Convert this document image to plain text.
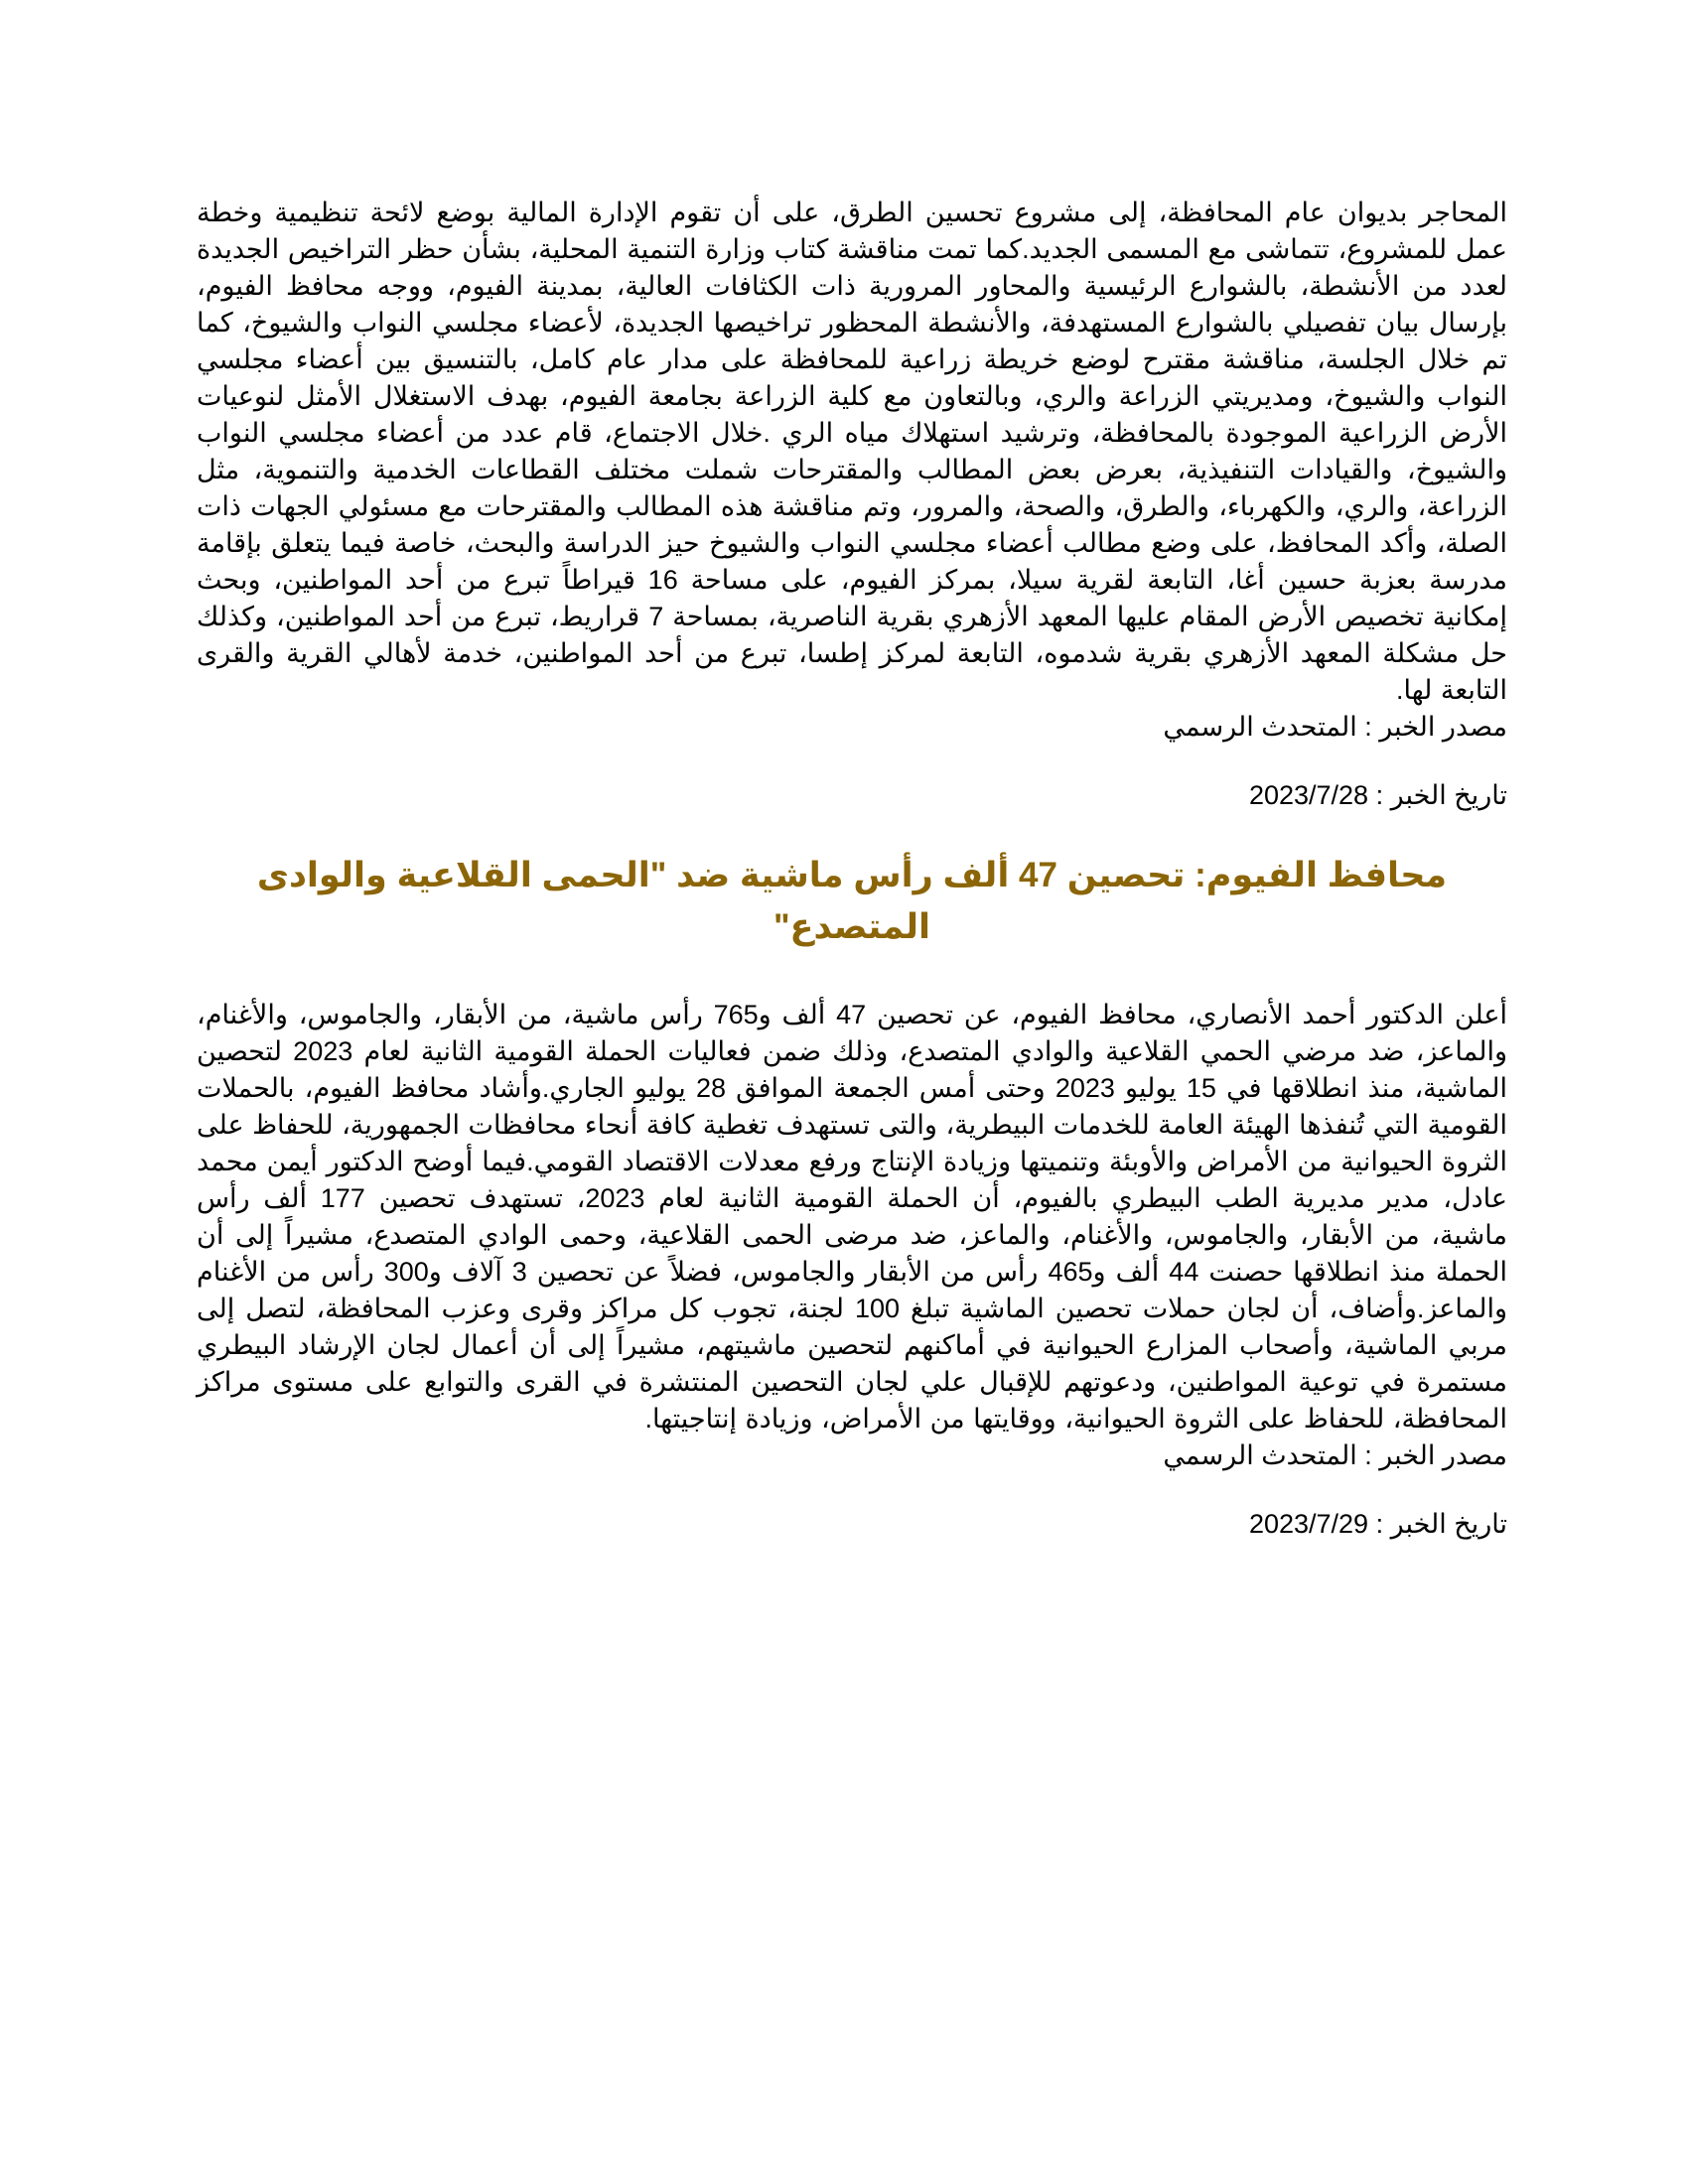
المحاجر بديوان عام المحافظة، إلى مشروع تحسين الطرق، على أن تقوم الإدارة المالية بوضع لائحة تنظيمية وخطة عمل للمشروع، تتماشى مع المسمى الجديد.كما تمت مناقشة كتاب وزارة التنمية المحلية، بشأن حظر التراخيص الجديدة لعدد من الأنشطة، بالشوارع الرئيسية والمحاور المرورية ذات الكثافات العالية، بمدينة الفيوم، ووجه محافظ الفيوم، بإرسال بيان تفصيلي بالشوارع المستهدفة، والأنشطة المحظور تراخيصها الجديدة، لأعضاء مجلسي النواب والشيوخ، كما تم خلال الجلسة، مناقشة مقترح لوضع خريطة زراعية للمحافظة على مدار عام كامل، بالتنسيق بين أعضاء مجلسي النواب والشيوخ، ومديريتي الزراعة والري، وبالتعاون مع كلية الزراعة بجامعة الفيوم، بهدف الاستغلال الأمثل لنوعيات الأرض الزراعية الموجودة بالمحافظة، وترشيد استهلاك مياه الري .خلال الاجتماع، قام عدد من أعضاء مجلسي النواب والشيوخ، والقيادات التنفيذية، بعرض بعض المطالب والمقترحات شملت مختلف القطاعات الخدمية والتنموية، مثل الزراعة، والري، والكهرباء، والطرق، والصحة، والمرور، وتم مناقشة هذه المطالب والمقترحات مع مسئولي الجهات ذات الصلة، وأكد المحافظ، على وضع مطالب أعضاء مجلسي النواب والشيوخ حيز الدراسة والبحث، خاصة فيما يتعلق بإقامة مدرسة بعزبة حسين أغا، التابعة لقرية سيلا، بمركز الفيوم، على مساحة 16 قيراطاً تبرع من أحد المواطنين، وبحث إمكانية تخصيص الأرض المقام عليها المعهد الأزهري بقرية الناصرية، بمساحة 7 قراريط، تبرع من أحد المواطنين، وكذلك حل مشكلة المعهد الأزهري بقرية شدموه، التابعة لمركز إطسا، تبرع من أحد المواطنين، خدمة لأهالي القرية والقرى التابعة لها.

مصدر الخبر : المتحدث الرسمي

تاريخ الخبر : 2023/7/28

محافظ الفيوم: تحصين 47 ألف رأس ماشية ضد "الحمى القلاعية والوادى المتصدع"

أعلن الدكتور أحمد الأنصاري، محافظ الفيوم، عن تحصين 47 ألف و765 رأس ماشية، من الأبقار، والجاموس، والأغنام، والماعز، ضد مرضي الحمي القلاعية والوادي المتصدع، وذلك ضمن فعاليات الحملة القومية الثانية لعام 2023 لتحصين الماشية، منذ انطلاقها في 15 يوليو 2023 وحتى أمس الجمعة الموافق 28 يوليو الجاري.وأشاد محافظ الفيوم، بالحملات القومية التي تُنفذها الهيئة العامة للخدمات البيطرية، والتى تستهدف تغطية كافة أنحاء محافظات الجمهورية، للحفاظ على الثروة الحيوانية من الأمراض والأوبئة وتنميتها وزيادة الإنتاج ورفع معدلات الاقتصاد القومي.فيما أوضح الدكتور أيمن محمد عادل، مدير مديرية الطب البيطري بالفيوم، أن الحملة القومية الثانية لعام 2023، تستهدف تحصين 177 ألف رأس ماشية، من الأبقار، والجاموس، والأغنام، والماعز، ضد مرضى الحمى القلاعية، وحمى الوادي المتصدع، مشيراً إلى أن الحملة منذ انطلاقها حصنت 44 ألف و465 رأس من الأبقار والجاموس، فضلاً عن تحصين 3 آلاف و300 رأس من الأغنام والماعز.وأضاف، أن لجان حملات تحصين الماشية تبلغ 100 لجنة، تجوب كل مراكز وقرى وعزب المحافظة، لتصل إلى مربي الماشية، وأصحاب المزارع الحيوانية في أماكنهم لتحصين ماشيتهم، مشيراً إلى أن أعمال لجان الإرشاد البيطري مستمرة في توعية المواطنين، ودعوتهم للإقبال علي لجان التحصين المنتشرة في القرى والتوابع على مستوى مراكز المحافظة، للحفاظ على الثروة الحيوانية، ووقايتها من الأمراض، وزيادة إنتاجيتها.

مصدر الخبر : المتحدث الرسمي

تاريخ الخبر : 2023/7/29
